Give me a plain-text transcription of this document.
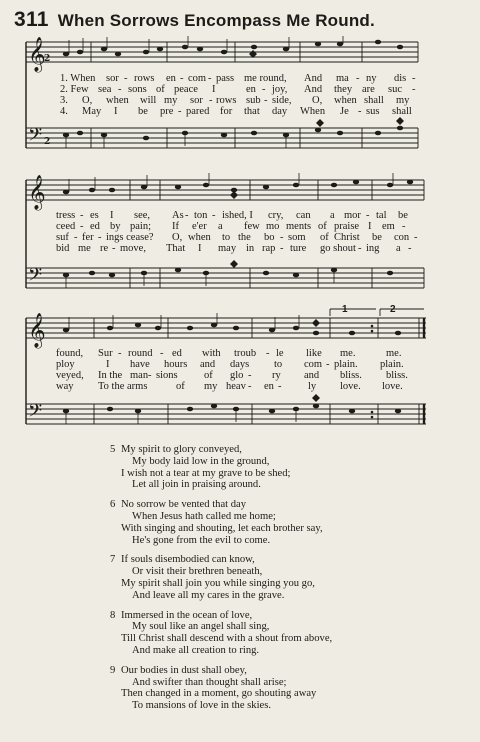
311 When Sorrows Encompass Me Round.
𝄞
𝄢
2
2
1. When sor - rows en - com - pass me round, And ma - ny dis -
2. Few sea - sons of peace I	en - joy, And they are suc -
3. O, when will my sor - rows sub - side, O, when shall my
4. May I be pre - pared for that day When Je - sus shall
𝄞
𝄢
tress - es I see, As - ton - ished, I cry, can a mor - tal be
ceed - ed by pain; If e'er a few mo ments of praise I em -
suf - fer - ings cease? O, when to the bo - som of Christ be con -
bid me re - move, That I may in rap - ture go shout - ing a -
𝄞
𝄢
1	2
found, Sur - round - ed with troub - le like me.	me.
ploy	I have hours and days to com - plain. plain.
veyed, In the man - sions	of glo - ry and bliss. bliss.
way To the arms	of my heav - en -	ly love. love.
5 My spirit to glory conveyed,
My body laid low in the ground,
I wish not a tear at my grave to be shed;
Let all join in praising around.
6 No sorrow be vented that day
When Jesus hath called me home;
With singing and shouting, let each brother say,
He's gone from the evil to come.
7 If souls disembodied can know,
Or visit their brethren beneath,
My spirit shall join you while singing you go,
And leave all my cares in the grave.
8 Immersed in the ocean of love,
My soul like an angel shall sing,
Till Christ shall descend with a shout from above,
And make all creation to ring.
9 Our bodies in dust shall obey,
And swifter than thought shall arise;
Then changed in a moment, go shouting away
To mansions of love in the skies.
